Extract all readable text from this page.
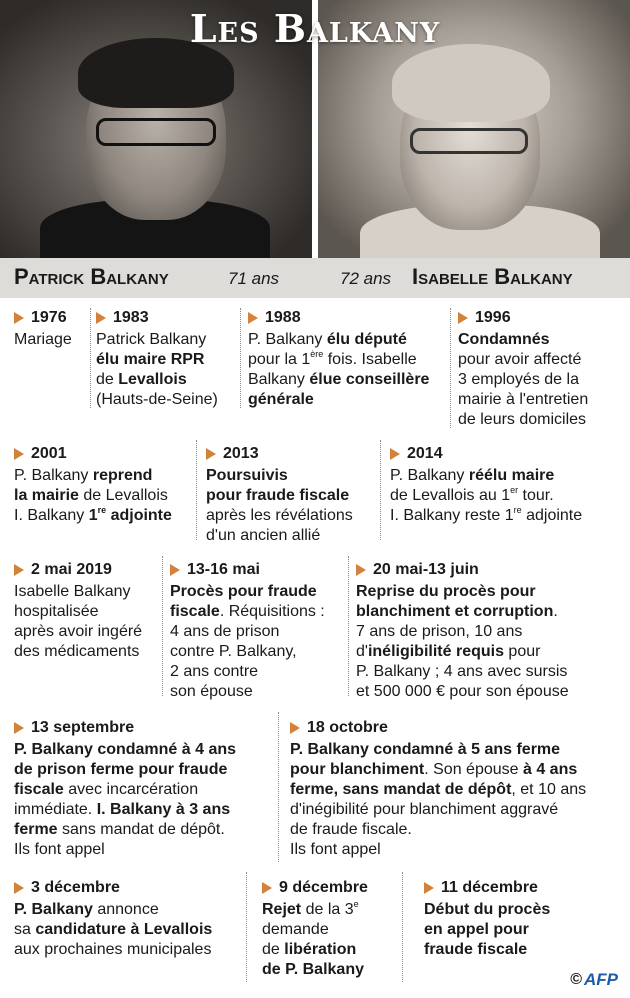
Les Balkany
Patrick Balkany	71 ans	72 ans Isabelle Balkany
1976
Mariage
1983
Patrick Balkany
élu maire RPR
de Levallois
(Hauts-de-Seine)
1988
P. Balkany élu député
pour la 1ère fois. Isabelle
Balkany élue conseillère
générale
1996
Condamnés
pour avoir affecté
3 employés de la
mairie à l'entretien
de leurs domiciles
2001
P. Balkany reprend
la mairie de Levallois
I. Balkany 1re adjointe
2013
Poursuivis
pour fraude fiscale
après les révélations
d'un ancien allié
2014
P. Balkany réélu maire
de Levallois au 1er tour.
I. Balkany reste 1re adjointe
2 mai 2019
Isabelle Balkany
hospitalisée
après avoir ingéré
des médicaments
13-16 mai
Procès pour fraude
fiscale. Réquisitions :
4 ans de prison
contre P. Balkany,
2 ans contre
son épouse
20 mai-13 juin
Reprise du procès pour
blanchiment et corruption.
7 ans de prison, 10 ans
d'inéligibilité requis pour
P. Balkany ; 4 ans avec sursis
et 500 000 € pour son épouse
13 septembre
P. Balkany condamné à 4 ans
de prison ferme pour fraude
fiscale avec incarcération
immédiate. I. Balkany à 3 ans
ferme sans mandat de dépôt.
Ils font appel
18 octobre
P. Balkany condamné à 5 ans ferme
pour blanchiment. Son épouse à 4 ans
ferme, sans mandat de dépôt, et 10 ans
d'inégibilité pour blanchiment aggravé
de fraude fiscale.
Ils font appel
3 décembre
P. Balkany annonce
sa candidature à Levallois
aux prochaines municipales
9 décembre
Rejet de la 3e
demande
de libération
de P. Balkany
11 décembre
Début du procès
en appel pour
fraude fiscale
© AFP
